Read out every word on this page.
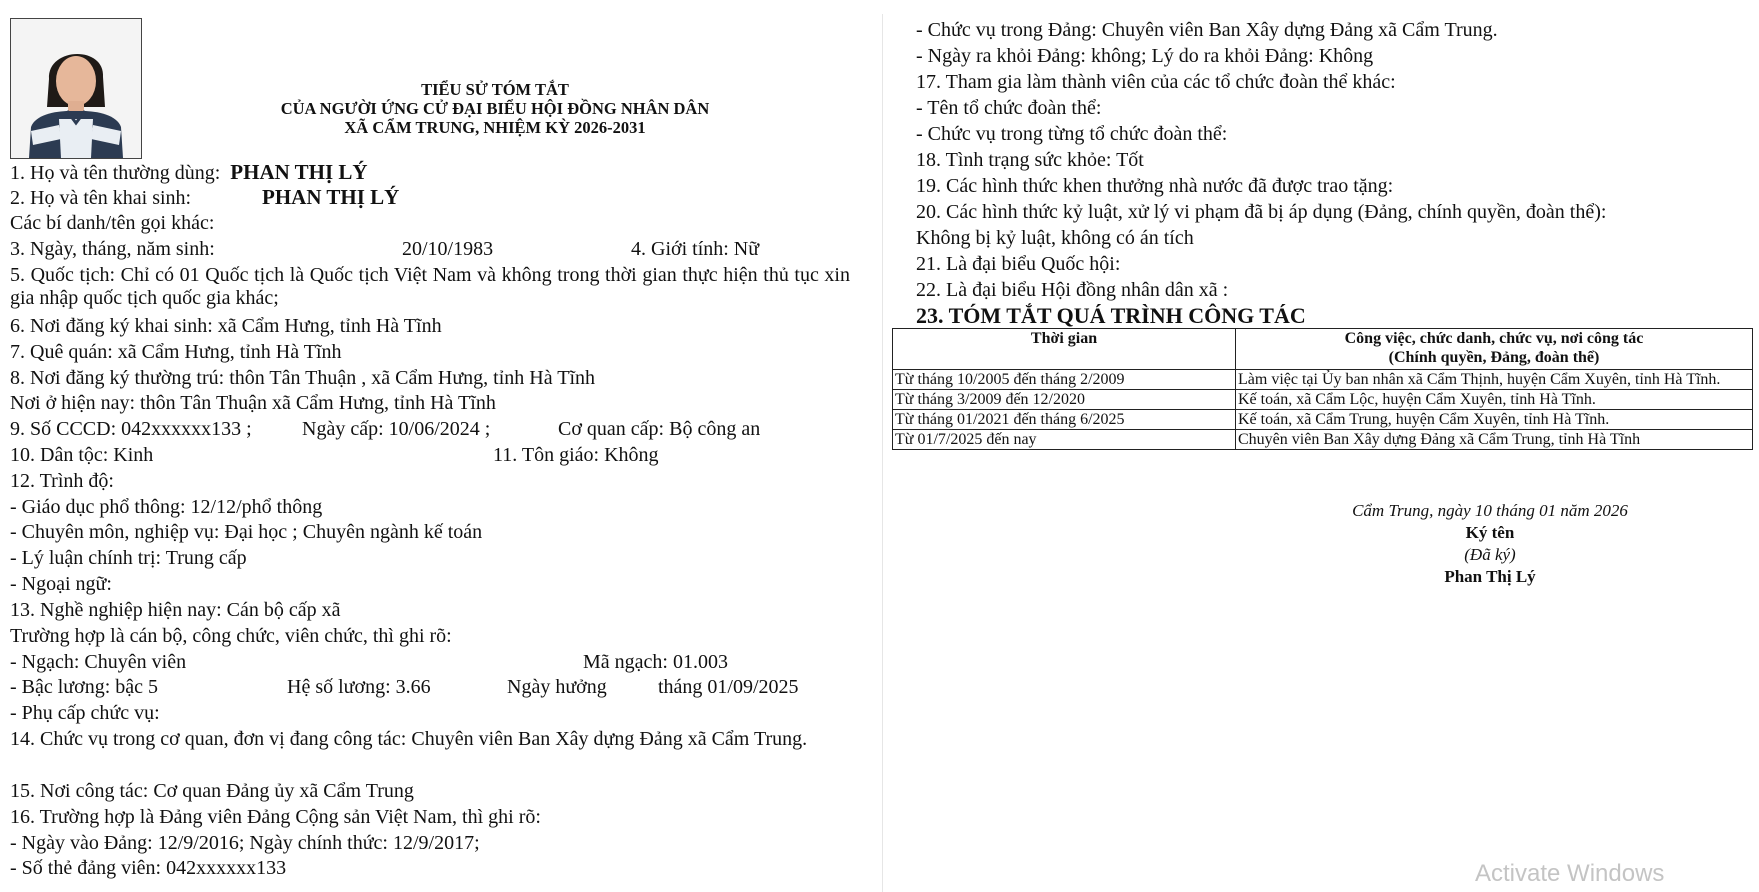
TIỂU SỬ TÓM TẮT
CỦA NGƯỜI ỨNG CỬ ĐẠI BIỂU HỘI ĐỒNG NHÂN DÂN
XÃ CẨM TRUNG, NHIỆM KỲ 2026-2031
1. Họ và tên thường dùng: PHAN THỊ LÝ
2. Họ và tên khai sinh:	PHAN THỊ LÝ
Các bí danh/tên gọi khác:
3. Ngày, tháng, năm sinh:	20/10/1983	4. Giới tính: Nữ
5. Quốc tịch: Chỉ có 01 Quốc tịch là Quốc tịch Việt Nam và không trong thời gian thực hiện thủ tục xin gia nhập quốc tịch quốc gia khác;
6. Nơi đăng ký khai sinh: xã Cẩm Hưng, tỉnh Hà Tĩnh
7. Quê quán: xã Cẩm Hưng, tỉnh Hà Tĩnh
8. Nơi đăng ký thường trú: thôn Tân Thuận , xã Cẩm Hưng, tỉnh Hà Tĩnh
Nơi ở hiện nay: thôn Tân Thuận xã Cẩm Hưng, tỉnh Hà Tĩnh
9. Số CCCD: 042xxxxxx133 ;	Ngày cấp: 10/06/2024 ;	Cơ quan cấp: Bộ công an
10. Dân tộc: Kinh	11. Tôn giáo: Không
12. Trình độ:
- Giáo dục phổ thông: 12/12/phổ thông
- Chuyên môn, nghiệp vụ: Đại học ; Chuyên ngành kế toán
- Lý luận chính trị: Trung cấp
- Ngoại ngữ:
13. Nghề nghiệp hiện nay: Cán bộ cấp xã
Trường hợp là cán bộ, công chức, viên chức, thì ghi rõ:
- Ngạch: Chuyên viên	Mã ngạch: 01.003
- Bậc lương: bậc 5	Hệ số lương: 3.66	Ngày hưởng	tháng 01/09/2025
- Phụ cấp chức vụ:
14. Chức vụ trong cơ quan, đơn vị đang công tác: Chuyên viên Ban Xây dựng Đảng xã Cẩm Trung.
15. Nơi công tác: Cơ quan Đảng ủy xã Cẩm Trung
16. Trường hợp là Đảng viên Đảng Cộng sản Việt Nam, thì ghi rõ:
- Ngày vào Đảng: 12/9/2016; Ngày chính thức: 12/9/2017;
- Số thẻ đảng viên: 042xxxxxx133
- Chức vụ trong Đảng: Chuyên viên Ban Xây dựng Đảng xã Cẩm Trung.
- Ngày ra khỏi Đảng: không; Lý do ra khỏi Đảng: Không
17. Tham gia làm thành viên của các tổ chức đoàn thể khác:
- Tên tổ chức đoàn thể:
- Chức vụ trong từng tổ chức đoàn thể:
18. Tình trạng sức khỏe: Tốt
19. Các hình thức khen thưởng nhà nước đã được trao tặng:
20. Các hình thức kỷ luật, xử lý vi phạm đã bị áp dụng (Đảng, chính quyền, đoàn thể):
Không bị kỷ luật, không có án tích
21. Là đại biểu Quốc hội:
22. Là đại biểu Hội đồng nhân dân xã :
23. TÓM TẮT QUÁ TRÌNH CÔNG TÁC
Thời gian	Công việc, chức danh, chức vụ, nơi công tác
(Chính quyền, Đảng, đoàn thể)

Từ tháng 10/2005 đến tháng 2/2009	Làm việc tại Ủy ban nhân xã Cẩm Thịnh, huyện Cẩm Xuyên, tỉnh Hà Tĩnh.
Từ tháng 3/2009 đến 12/2020	Kế toán, xã Cẩm Lộc, huyện Cẩm Xuyên, tỉnh Hà Tĩnh.
Từ tháng 01/2021 đến tháng 6/2025	Kế toán, xã Cẩm Trung, huyện Cẩm Xuyên, tỉnh Hà Tĩnh.
Từ 01/7/2025 đến nay	Chuyên viên Ban Xây dựng Đảng xã Cẩm Trung, tỉnh Hà Tĩnh
Cẩm Trung, ngày 10 tháng 01 năm 2026
Ký tên
(Đã ký)
Phan Thị Lý
Activate Windows
